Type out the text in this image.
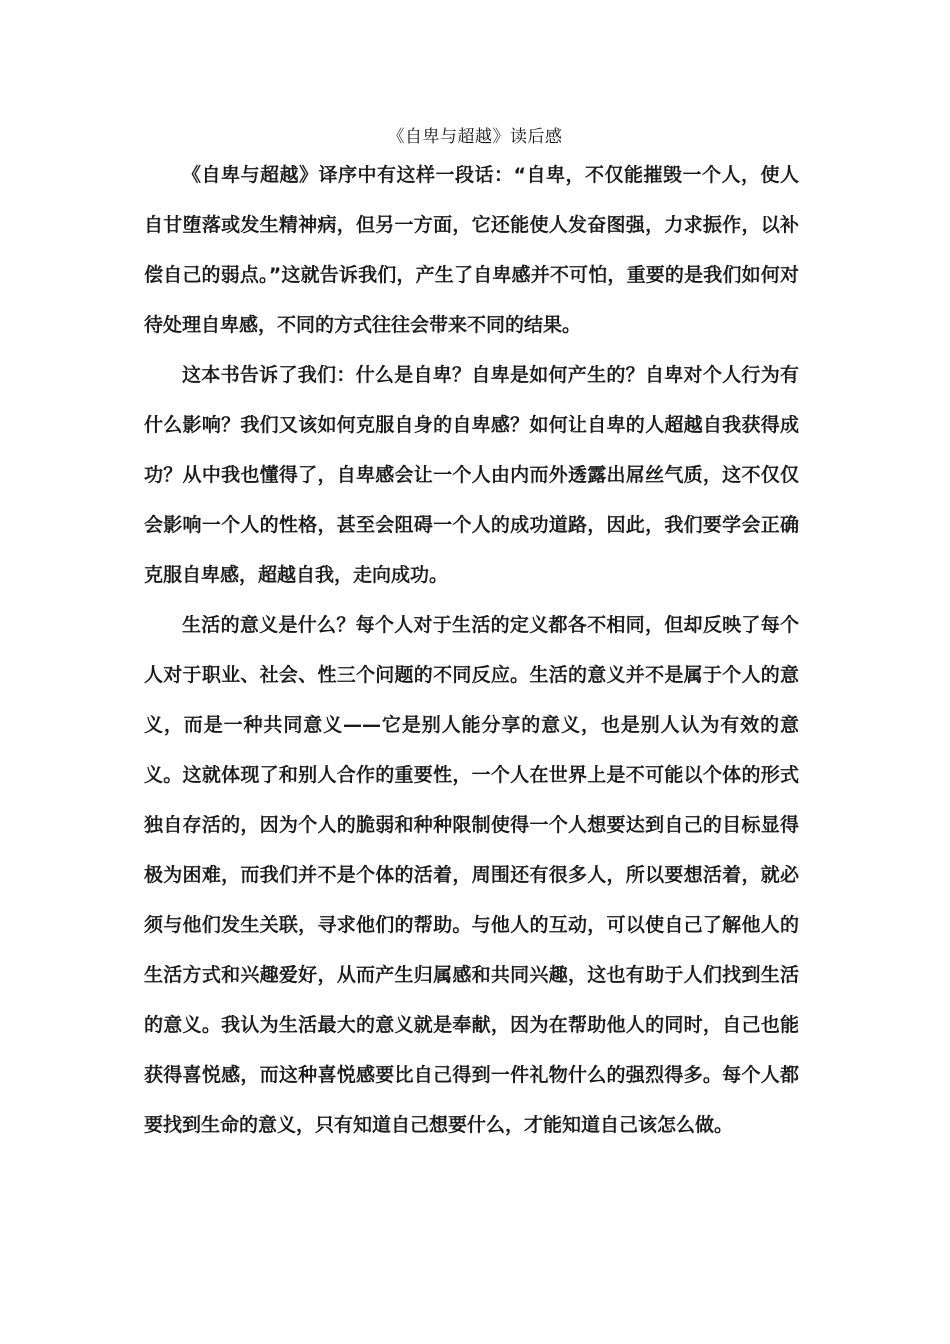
《自卑与超越》读后感

《自卑与超越》译序中有这样一段话：“自卑，不仅能摧毁一个人，使人自甘堕落或发生精神病，但另一方面，它还能使人发奋图强，力求振作，以补偿自己的弱点。”这就告诉我们，产生了自卑感并不可怕，重要的是我们如何对待处理自卑感，不同的方式往往会带来不同的结果。

这本书告诉了我们：什么是自卑？自卑是如何产生的？自卑对个人行为有什么影响？我们又该如何克服自身的自卑感？如何让自卑的人超越自我获得成功？从中我也懂得了，自卑感会让一个人由内而外透露出屌丝气质，这不仅仅会影响一个人的性格，甚至会阻碍一个人的成功道路，因此，我们要学会正确克服自卑感，超越自我，走向成功。

生活的意义是什么？每个人对于生活的定义都各不相同，但却反映了每个人对于职业、社会、性三个问题的不同反应。生活的意义并不是属于个人的意义，而是一种共同意义——它是别人能分享的意义，也是别人认为有效的意义。这就体现了和别人合作的重要性，一个人在世界上是不可能以个体的形式独自存活的，因为个人的脆弱和种种限制使得一个人想要达到自己的目标显得极为困难，而我们并不是个体的活着，周围还有很多人，所以要想活着，就必须与他们发生关联，寻求他们的帮助。与他人的互动，可以使自己了解他人的生活方式和兴趣爱好，从而产生归属感和共同兴趣，这也有助于人们找到生活的意义。我认为生活最大的意义就是奉献，因为在帮助他人的同时，自己也能获得喜悦感，而这种喜悦感要比自己得到一件礼物什么的强烈得多。每个人都要找到生命的意义，只有知道自己想要什么，才能知道自己该怎么做。
